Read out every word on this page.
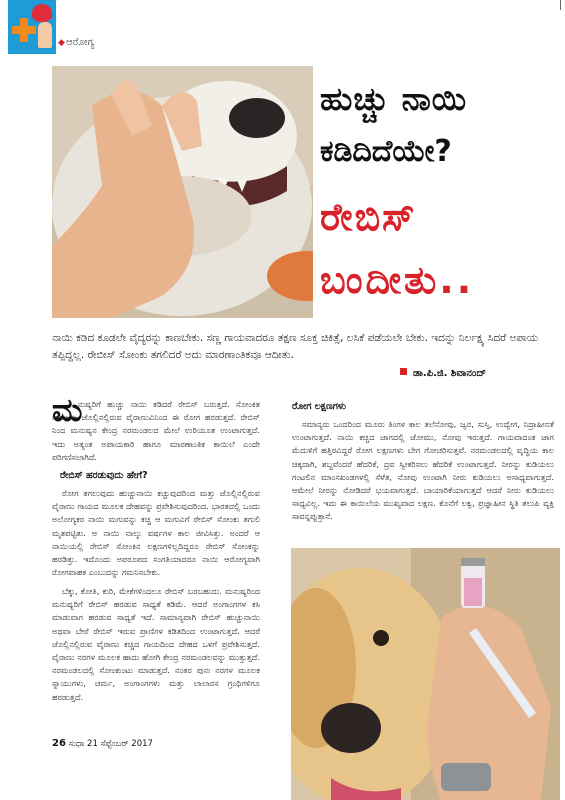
◆ ಆರೋಗ್ಯ
ಹುಚ್ಚು ನಾಯಿ
ಕಡಿದಿದೆಯೇ?
ರೇಬಿಸ್
ಬಂದೀತು..
ನಾಯಿ ಕಡಿದ ಕೂಡಲೇ ವೈದ್ಯರನ್ನು ಕಾಣಬೇಕು. ಸಣ್ಣ ಗಾಯವಾದರೂ ತಕ್ಷಣ ಸೂಕ್ತ ಚಿಕಿತ್ಸೆ, ಲಸಿಕೆ ಪಡೆಯಲೇ ಬೇಕು. ಇದನ್ನು ನಿರ್ಲಕ್ಷ್ಯ ಸಿದರೆ ಅಪಾಯ ತಪ್ಪಿದ್ದಲ್ಲ. ರೇಬೀಸ್ ಸೋಂಕು ತಗಲಿದರೆ ಅದು ಮಾರಣಾಂತಿಕವೂ ಆದೀತು.
ಡಾ.ಪಿ.ಜಿ. ಶಿವಾನಂದ್
ಮ
ನುಷ್ಯರಿಗೆ ಹುಚ್ಚು ನಾಯಿ ಕಡಿದರೆ ರೇಬಿಸ್ ಬರುತ್ತದೆ. ಸೋಂಕಿತ ನಾಯಿಯ ಜೊಲ್ಲಿನಲ್ಲಿರುವ ವೈರಾಣುವಿನಿಂದ ಈ ರೋಗ ಹರಡುತ್ತದೆ. ರೇಬಿಸ್ ನಿಂದ ಮನುಷ್ಯನ ಕೇಂದ್ರ ನರಮಂಡಲದ ಮೇಲೆ ಉರಿಯೂತ ಉಂಟಾಗುತ್ತದೆ. ಇದು ಅತ್ಯಂತ ಅಪಾಯಕಾರಿ ಹಾಗೂ ಮಾರಣಾಂತಿಕ ಕಾಯಿಲೆ ಎಂದೇ ಪರಿಗಣಿಸಲಾಗಿದೆ.
ರೇಬಿಸ್ ಹರಡುವುದು ಹೇಗೆ?
ರೋಗ ತಗಲುವುದು ಹುಚ್ಚುನಾಯಿ ಕಚ್ಚುವುದರಿಂದ ಮತ್ತು ಜೊಲ್ಲಿನಲ್ಲಿರುವ ವೈರಾಣು ಗಾಯದ ಮೂಲಕ ದೇಹವನ್ನು ಪ್ರವೇಶಿಸುವುದರಿಂದ. ಭಾರತದಲ್ಲಿ ಒಂದು ಅಲೋಗ್ಯಕರ ನಾಯಿ ಮಗುವನ್ನು ಕಚ್ಚಿ ಆ ಮಗುವಿಗೆ ರೇಬಿಸ್ ಸೋಂಕು ತಗುಲಿ ಮೃತಪಟ್ಟಿತು. ಆ ನಾಯಿ ನಾಲ್ಕು ವರ್ಷಗಳ ಕಾಲ ಜೀವಿಸಿತ್ತು. ಅಂದರೆ ಆ ನಾಯಿಯಲ್ಲಿ ರೇಬಿಸ್ ಸೋಂಕಿನ ಲಕ್ಷಣಗಳಿಲ್ಲದಿದ್ದರೂ ರೇಬಿಸ್ ಸೋಂಕನ್ನು ಹರಡಿತ್ತು. ಇದೊಂದು ಅಪರೂಪದ ಸಂಗತಿಯಾದರೂ ನಾಯಿ ಆರೋಗ್ಯವಾಗಿ ರೋಗವಾಹಕ ಎಂಬುದನ್ನು ಗಮನಿಸಬೇಕು.
ಬೆಕ್ಕು, ಕೋತಿ, ಕುರಿ, ಮೇಕೆಗಳಿಂದಲೂ ರೇಬಿಸ್ ಬರಬಹುದು. ಮನುಷ್ಯರಿಂದ ಮನುಷ್ಯರಿಗೆ ರೇಬಿಸ್ ಹರಡುವ ಸಾಧ್ಯತೆ ಕಡಿಮೆ. ಆದರೆ ಅಂಗಾಂಗಗಳ ಕಸಿ ಮಾಡುವಾಗ ಹರಡುವ ಸಾಧ್ಯತೆ ಇದೆ. ಸಾಮಾನ್ಯವಾಗಿ ರೇಬಿಸ್ ಹುಚ್ಚುನಾಯಿ ಅಥವಾ ಬೇರೆ ರೇಬಿಸ್ ಇರುವ ಪ್ರಾಣಿಗಳ ಕಡಿತದಿಂದ ಉಂಟಾಗುತ್ತದೆ. ಆದರೆ ಜೊಲ್ಲಿನಲ್ಲಿರುವ ವೈರಾಣು ಕಚ್ಚಿದ ಗಾಯದಿಂದ ದೇಹದ ಒಳಗೆ ಪ್ರವೇಶಿಸುತ್ತದೆ. ವೈರಾಣು ನರಗಳ ಮೂಲಕ ಹಾದು ಹೋಗಿ ಕೇಂದ್ರ ನರಮಂಡಲವನ್ನು ಮುತ್ತುತ್ತದೆ. ನರಮಂಡಲದಲ್ಲಿ ಸೋಂಕುಂಟು ಮಾಡುತ್ತದೆ. ನಂತರ ಪುನಃ ನರಗಳ ಮೂಲಕ ಸ್ನಾಯುಗಳು, ಚರ್ಮ, ಅಂಗಾಂಗಗಳು ಮತ್ತು ಲಾಲಾರಸ ಗ್ರಂಥಿಗಳಿಗೂ ಹರಡುತ್ತದೆ.
ರೋಗ ಲಕ್ಷಣಗಳು
ಸಮಾನ್ಯರು ಒಂದರಿಂದ ಮೂರು ತಿಂಗಳ ಕಾಲ ತಲೆನೋವು, ಜ್ವರ, ಸುಸ್ತಿ, ಉದ್ವೇಗ, ನಿದ್ರಾಹೀನತೆ ಉಂಟಾಗುತ್ತದೆ. ನಾಯಿ ಕಚ್ಚಿದ ಜಾಗದಲ್ಲಿ ಜೋಮು, ನೋವು ಇರುತ್ತದೆ. ಗಾಯವಾದಂತ ಜಾಗ ಮೆದುಳಿಗೆ ಹತ್ತಿರವಿದ್ದರೆ ರೋಗ ಲಕ್ಷಣಗಳು ಬೇಗ ಗೋಚರಿಸುತ್ತವೆ. ನರಮಂಡಲದಲ್ಲಿ ವೃದ್ಧಿಯ ಕಾಲ ಚಿಕ್ಕದಾಗಿ, ಶಬ್ದವೆಂದರೆ ಹೆದರಿಕೆ, ದ್ರವ ಸ್ವೀಕರಿಸಲು ಹೆದರಿಕೆ ಉಂಟಾಗುತ್ತದೆ. ನೀರನ್ನು ಕುಡಿಯಲು ಗಂಟಲಿನ ಮಾಂಸಖಂಡಗಳಲ್ಲಿ ಸೆಳೆತ, ನೋವು ಉಂಟಾಗಿ ನೀರು ಕುಡಿಯಲು ಅಸಾಧ್ಯವಾಗುತ್ತದೆ. ಆಮೇಲೆ ನೀರನ್ನು ನೋಡಿದರೆ ಭಯವಾಗುತ್ತದೆ. ಬಾಯಾರಿಕೆಯಾಗುತ್ತದೆ ಆದರೆ ನೀರು ಕುಡಿಯಲು ಸಾಧ್ಯವಿಲ್ಲ. ಇದು ಈ ಕಾಯಿಲೆಯ ಮುಖ್ಯವಾದ ಲಕ್ಷಣ. ಕೊನೆಗೆ ಲಕ್ವ, ಪ್ರಜ್ಞಾಹೀನ ಸ್ಥಿತಿ ತಲುಪಿ ವ್ಯಕ್ತಿ ಸಾವನ್ನಪ್ಪುತ್ತಾನೆ.
26 ಸುಧಾ 21 ಸೆಪ್ಟೆಂಬರ್ 2017
